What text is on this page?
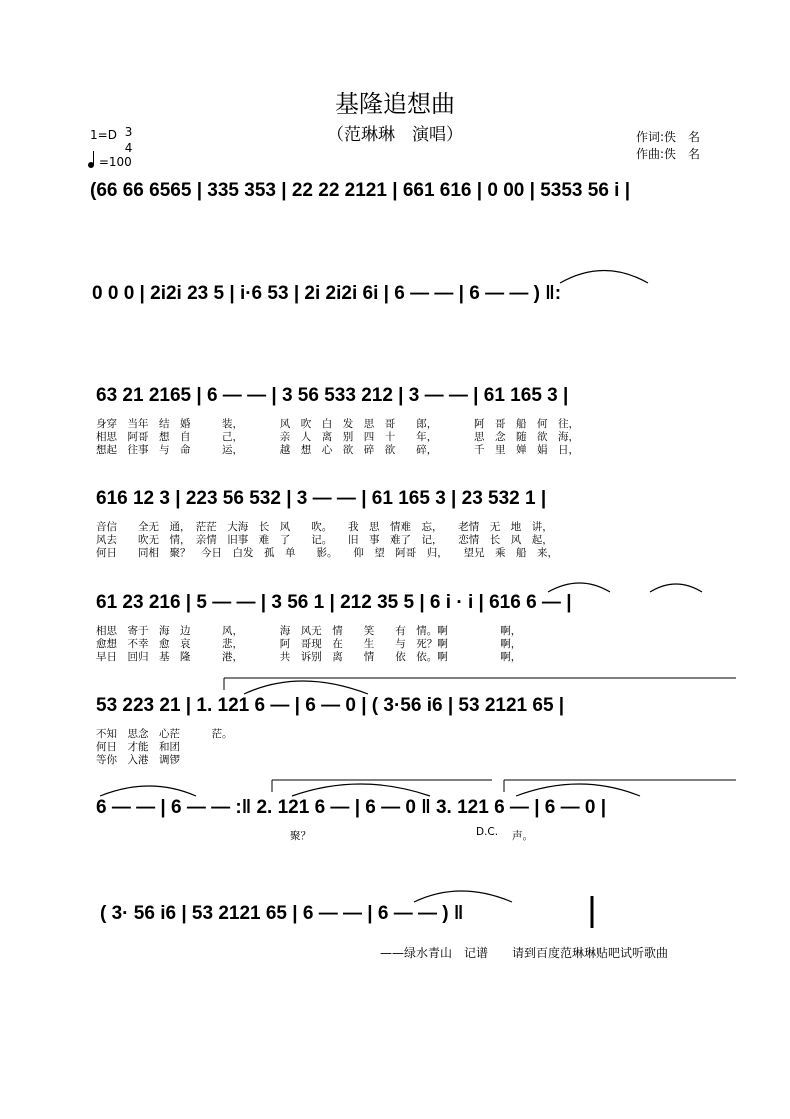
基隆追想曲
（范琳琳　演唱）	作词:佚　名
作曲:佚　名
1=D 3
4
=100
(66 66 6565 | 335 353 | 22 22 2121 | 661 616 | 0 00 | 5353 56 i |
0 0 0 | 2i2i 23 5 | i·6 53 | 2i 2i2i 6i | 6 — — | 6 — — ) ‖:
63 21 2165 | 6 — — | 3 56 533 212 | 3 — — | 61 165 3 |
616 12 3 | 223 56 532 | 3 — — | 61 165 3 | 23 532 1 |
61 23 216 | 5 — — | 3 56 1 | 212 35 5 | 6 i · i | 616 6 — |
53 223 21 | 1. 121 6 — | 6 — 0 | ( 3·56 i6 | 53 2121 65 |
6 — — | 6 — — :‖ 2. 121 6 — | 6 — 0 ‖ 3. 121 6 — | 6 — 0 |
( 3· 56 i6 | 53 2121 65 | 6 — — | 6 — — ) ‖
身穿　当年　结　婚　　　装，　　　　风　吹　白　发　思　哥　　郎，　　　　阿　哥　船　何　往，
相思　阿哥　想　自　　　己，　　　　亲　人　离　别　四　十　　年，　　　　思　念　随　欲　海，
想起　往事　与　命　　　运，　　　　越　想　心　欲　碎　欲　　碎，　　　　千　里　婵　娟　日，
音信　　全无　通，　茫茫　大海　长　风　　吹。　　我　思　情难　忘，　　老情　无　地　讲，
风去　　吹无　情，　亲情　旧事　难　了　　记。　　旧　事　难了　记，　　恋情　长　风　起，
何日　　同相　聚？　今日　白发　孤　单　　影。　　仰　望　阿哥　归，　　望兄　乘　船　来，
相思　寄于　海　边　　　风，　　　　海　风无　情　　笑　　有　情。啊　　　　　啊，
愈想　不幸　愈　哀　　　悲，　　　　阿　哥现　在　　生　　与　死？啊　　　　　啊，
早日　回归　基　隆　　　港，　　　　共　诉别　离　　情　　依　依。啊　　　　　啊，
不知　思念　心茫　　　茫。
何日　才能　和团
等你　入港　调锣
聚？	D.C. 声。
——绿水青山　记谱　　请到百度范琳琳贴吧试听歌曲
